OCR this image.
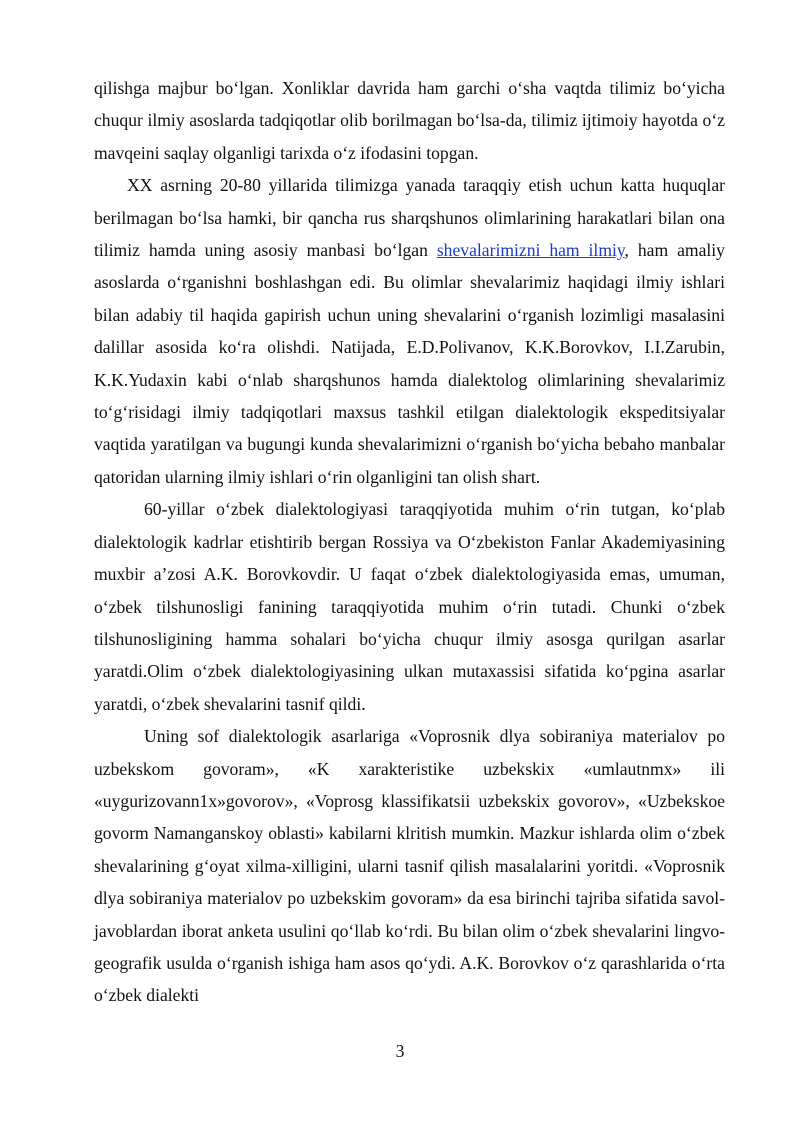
qilishga majbur bo‘lgan. Xonliklar davrida ham garchi o‘sha vaqtda tilimiz bo‘yicha chuqur ilmiy asoslarda tadqiqotlar olib borilmagan bo‘lsa-da, tilimiz ijtimoiy hayotda o‘z mavqeini saqlay olganligi tarixda o‘z ifodasini topgan.

XX asrning 20-80 yillarida tilimizga yanada taraqqiy etish uchun katta huquqlar berilmagan bo‘lsa hamki, bir qancha rus sharqshunos olimlarining harakatlari bilan ona tilimiz hamda uning asosiy manbasi bo‘lgan shevalarimizni ham ilmiy, ham amaliy asoslarda o‘rganishni boshlashgan edi. Bu olimlar shevalarimiz haqidagi ilmiy ishlari bilan adabiy til haqida gapirish uchun uning shevalarini o‘rganish lozimligi masalasini dalillar asosida ko‘ra olishdi. Natijada, E.D.Polivanov, K.K.Borovkov, I.I.Zarubin, K.K.Yudaxin kabi o‘nlab sharqshunos hamda dialektolog olimlarining shevalarimiz to‘g‘risidagi ilmiy tadqiqotlari maxsus tashkil etilgan dialektologik ekspeditsiyalar vaqtida yaratilgan va bugungi kunda shevalarimizni o‘rganish bo‘yicha bebaho manbalar qatoridan ularning ilmiy ishlari o‘rin olganligini tan olish shart.

60-yillar o‘zbek dialektologiyasi taraqqiyotida muhim o‘rin tutgan, ko‘plab dialektologik kadrlar etishtirib bergan Rossiya va O‘zbekiston Fanlar Akademiyasining muxbir a’zosi A.K. Borovkovdir. U faqat o‘zbek dialektologiyasida emas, umuman, o‘zbek tilshunosligi fanining taraqqiyotida muhim o‘rin tutadi. Chunki o‘zbek tilshunosligining hamma sohalari bo‘yicha chuqur ilmiy asosga qurilgan asarlar yaratdi.Olim o‘zbek dialektologiyasining ulkan mutaxassisi sifatida ko‘pgina asarlar yaratdi, o‘zbek shevalarini tasnif qildi.

Uning sof dialektologik asarlariga «Voprosnik dlya sobiraniya materialov po uzbekskom govoram», «K xarakteristike uzbekskix «umlautnmx» ili «uygurizovann1x»govorov», «Voprosg klassifikatsii uzbekskix govorov», «Uzbekskoe govorm Namanganskoy oblasti» kabilarni klritish mumkin. Mazkur ishlarda olim o‘zbek shevalarining g‘oyat xilma-xilligini, ularni tasnif qilish masalalarini yoritdi. «Voprosnik dlya sobiraniya materialov po uzbekskim govoram» da esa birinchi tajriba sifatida savol-javoblardan iborat anketa usulini qo‘llab ko‘rdi. Bu bilan olim o‘zbek shevalarini lingvo-geografik usulda o‘rganish ishiga ham asos qo‘ydi. A.K. Borovkov o‘z qarashlarida o‘rta o‘zbek dialekti

3
